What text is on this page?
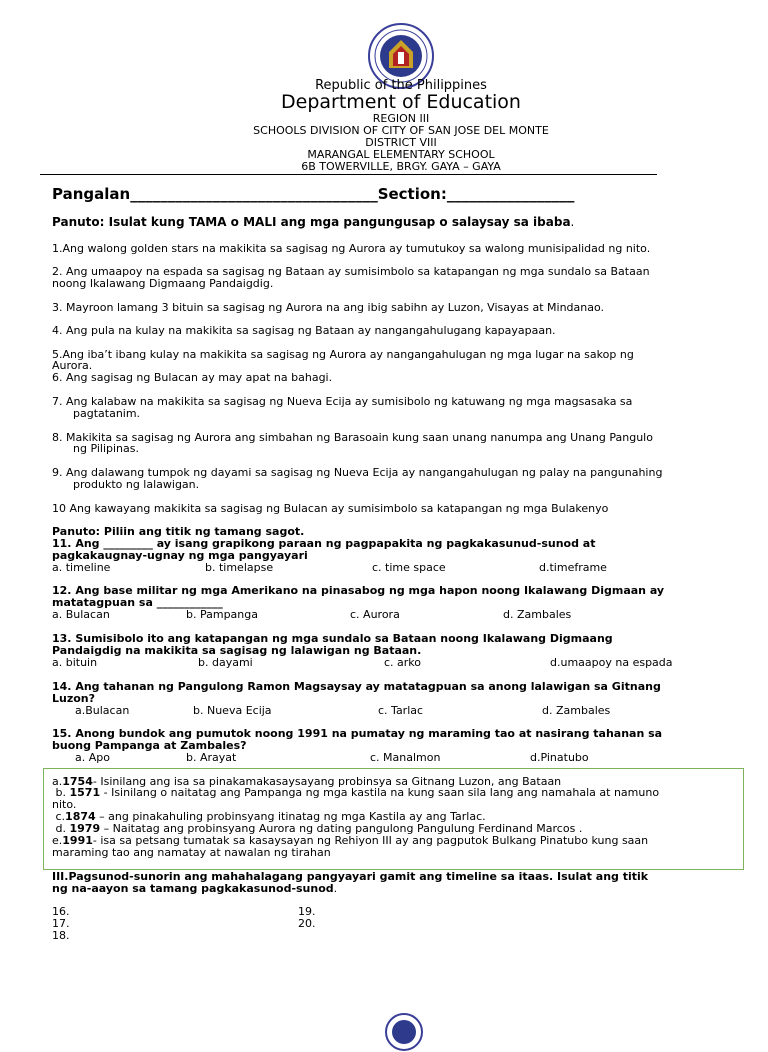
Republic of the Philippines
Department of Education
REGION III
SCHOOLS DIVISION OF CITY OF SAN JOSE DEL MONTE
DISTRICT VIII
MARANGAL ELEMENTARY SCHOOL
6B TOWERVILLE, BRGY. GAYA – GAYA
Pangalan_________________________________Section:_________________
Panuto: Isulat kung TAMA o MALI ang mga pangungusap o salaysay sa ibaba.
1.Ang walong golden stars na makikita sa sagisag ng Aurora ay tumutukoy sa walong munisipalidad ng nito.
2. Ang umaapoy na espada sa sagisag ng Bataan ay sumisimbolo sa katapangan ng mga sundalo sa Bataan
noong Ikalawang Digmaang Pandaigdig.
3. Mayroon lamang 3 bituin sa sagisag ng Aurora na ang ibig sabihn ay Luzon, Visayas at Mindanao.
4. Ang pula na kulay na makikita sa sagisag ng Bataan ay nangangahulugang kapayapaan.
5.Ang iba’t ibang kulay na makikita sa sagisag ng Aurora ay nangangahulugan ng mga lugar na sakop ng
Aurora.
6. Ang sagisag ng Bulacan ay may apat na bahagi.
7. Ang kalabaw na makikita sa sagisag ng Nueva Ecija ay sumisibolo ng katuwang ng mga magsasaka sa
pagtatanim.
8. Makikita sa sagisag ng Aurora ang simbahan ng Barasoain kung saan unang nanumpa ang Unang Pangulo
ng Pilipinas.
9. Ang dalawang tumpok ng dayami sa sagisag ng Nueva Ecija ay nangangahulugan ng palay na pangunahing
produkto ng lalawigan.
10 Ang kawayang makikita sa sagisag ng Bulacan ay sumisimbolo sa katapangan ng mga Bulakenyo
Panuto: Piliin ang titik ng tamang sagot.
11. Ang _________ ay isang grapikong paraan ng pagpapakita ng pagkakasunud-sunod at
pagkakaugnay-ugnay ng mga pangyayari
a. timeline	b. timelapse	c. time space	d.timeframe
12. Ang base militar ng mga Amerikano na pinasabog ng mga hapon noong Ikalawang Digmaan ay
matatagpuan sa ____________
a. Bulacan	b. Pampanga	c. Aurora	d. Zambales
13. Sumisibolo ito ang katapangan ng mga sundalo sa Bataan noong Ikalawang Digmaang
Pandaigdig na makikita sa sagisag ng lalawigan ng Bataan.
a. bituin	b. dayami	c. arko	d.umaapoy na espada
14. Ang tahanan ng Pangulong Ramon Magsaysay ay matatagpuan sa anong lalawigan sa Gitnang
Luzon?
a.Bulacan	b. Nueva Ecija	c. Tarlac	d. Zambales
15. Anong bundok ang pumutok noong 1991 na pumatay ng maraming tao at nasirang tahanan sa
buong Pampanga at Zambales?
a. Apo	b. Arayat	c. Manalmon	d.Pinatubo
a.1754- Isinilang ang isa sa pinakamakasaysayang probinsya sa Gitnang Luzon, ang Bataan
b. 1571 - Isinilang o naitatag ang Pampanga ng mga kastila na kung saan sila lang ang namahala at namuno
nito.
c.1874 – ang pinakahuling probinsyang itinatag ng mga Kastila ay ang Tarlac.
d. 1979 – Naitatag ang probinsyang Aurora ng dating pangulong Pangulung Ferdinand Marcos .
e.1991- isa sa petsang tumatak sa kasaysayan ng Rehiyon III ay ang pagputok Bulkang Pinatubo kung saan
maraming tao ang namatay at nawalan ng tirahan
III.Pagsunod-sunorin ang mahahalagang pangyayari gamit ang timeline sa itaas. Isulat ang titik
ng na-aayon sa tamang pagkakasunod-sunod.
16.
17.
18.
19.
20.
